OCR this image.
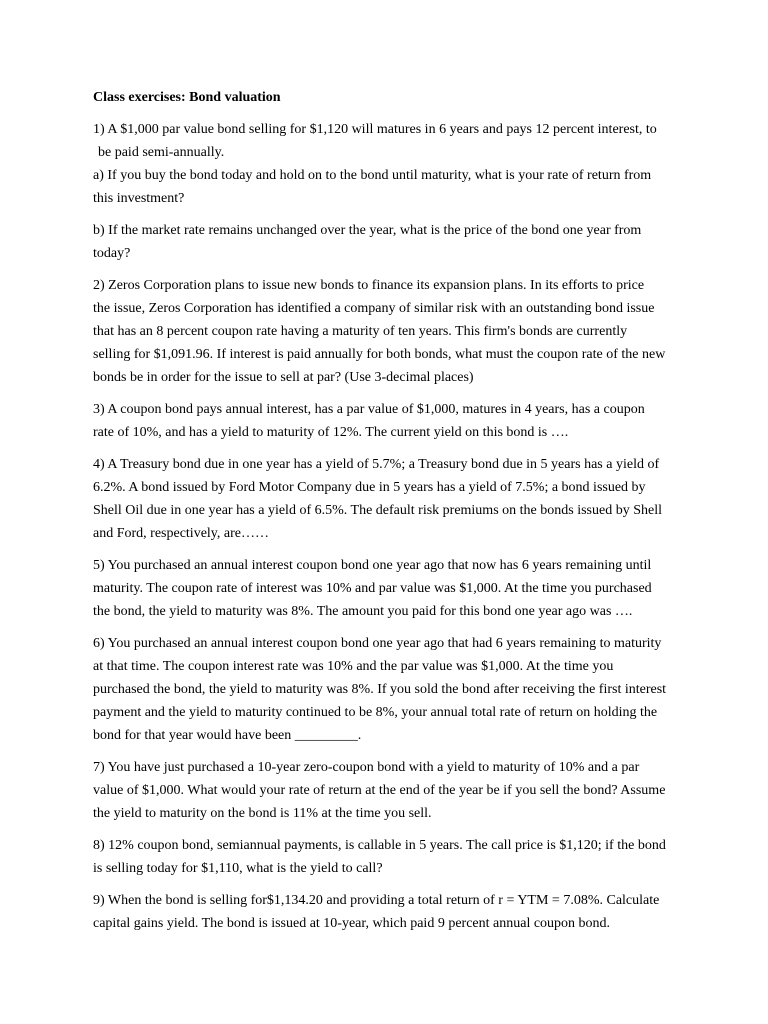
Class exercises: Bond valuation
1) A $1,000 par value bond selling for $1,120 will matures in 6 years and pays 12 percent interest, to
be paid semi-annually.
a) If you buy the bond today and hold on to the bond until maturity, what is your rate of return from
this investment?
b) If the market rate remains unchanged over the year, what is the price of the bond one year from
today?
2) Zeros Corporation plans to issue new bonds to finance its expansion plans. In its efforts to price
the issue, Zeros Corporation has identified a company of similar risk with an outstanding bond issue
that has an 8 percent coupon rate having a maturity of ten years. This firm's bonds are currently
selling for $1,091.96. If interest is paid annually for both bonds, what must the coupon rate of the new
bonds be in order for the issue to sell at par? (Use 3-decimal places)
3) A coupon bond pays annual interest, has a par value of $1,000, matures in 4 years, has a coupon
rate of 10%, and has a yield to maturity of 12%. The current yield on this bond is ….
4) A Treasury bond due in one year has a yield of 5.7%; a Treasury bond due in 5 years has a yield of
6.2%. A bond issued by Ford Motor Company due in 5 years has a yield of 7.5%; a bond issued by
Shell Oil due in one year has a yield of 6.5%. The default risk premiums on the bonds issued by Shell
and Ford, respectively, are……
5) You purchased an annual interest coupon bond one year ago that now has 6 years remaining until
maturity. The coupon rate of interest was 10% and par value was $1,000. At the time you purchased
the bond, the yield to maturity was 8%. The amount you paid for this bond one year ago was ….
6) You purchased an annual interest coupon bond one year ago that had 6 years remaining to maturity
at that time. The coupon interest rate was 10% and the par value was $1,000. At the time you
purchased the bond, the yield to maturity was 8%. If you sold the bond after receiving the first interest
payment and the yield to maturity continued to be 8%, your annual total rate of return on holding the
bond for that year would have been _________.
7) You have just purchased a 10-year zero-coupon bond with a yield to maturity of 10% and a par
value of $1,000. What would your rate of return at the end of the year be if you sell the bond? Assume
the yield to maturity on the bond is 11% at the time you sell.
8) 12% coupon bond, semiannual payments, is callable in 5 years. The call price is $1,120; if the bond
is selling today for $1,110, what is the yield to call?
9) When the bond is selling for$1,134.20 and providing a total return of r = YTM = 7.08%. Calculate
capital gains yield. The bond is issued at 10-year, which paid 9 percent annual coupon bond.
